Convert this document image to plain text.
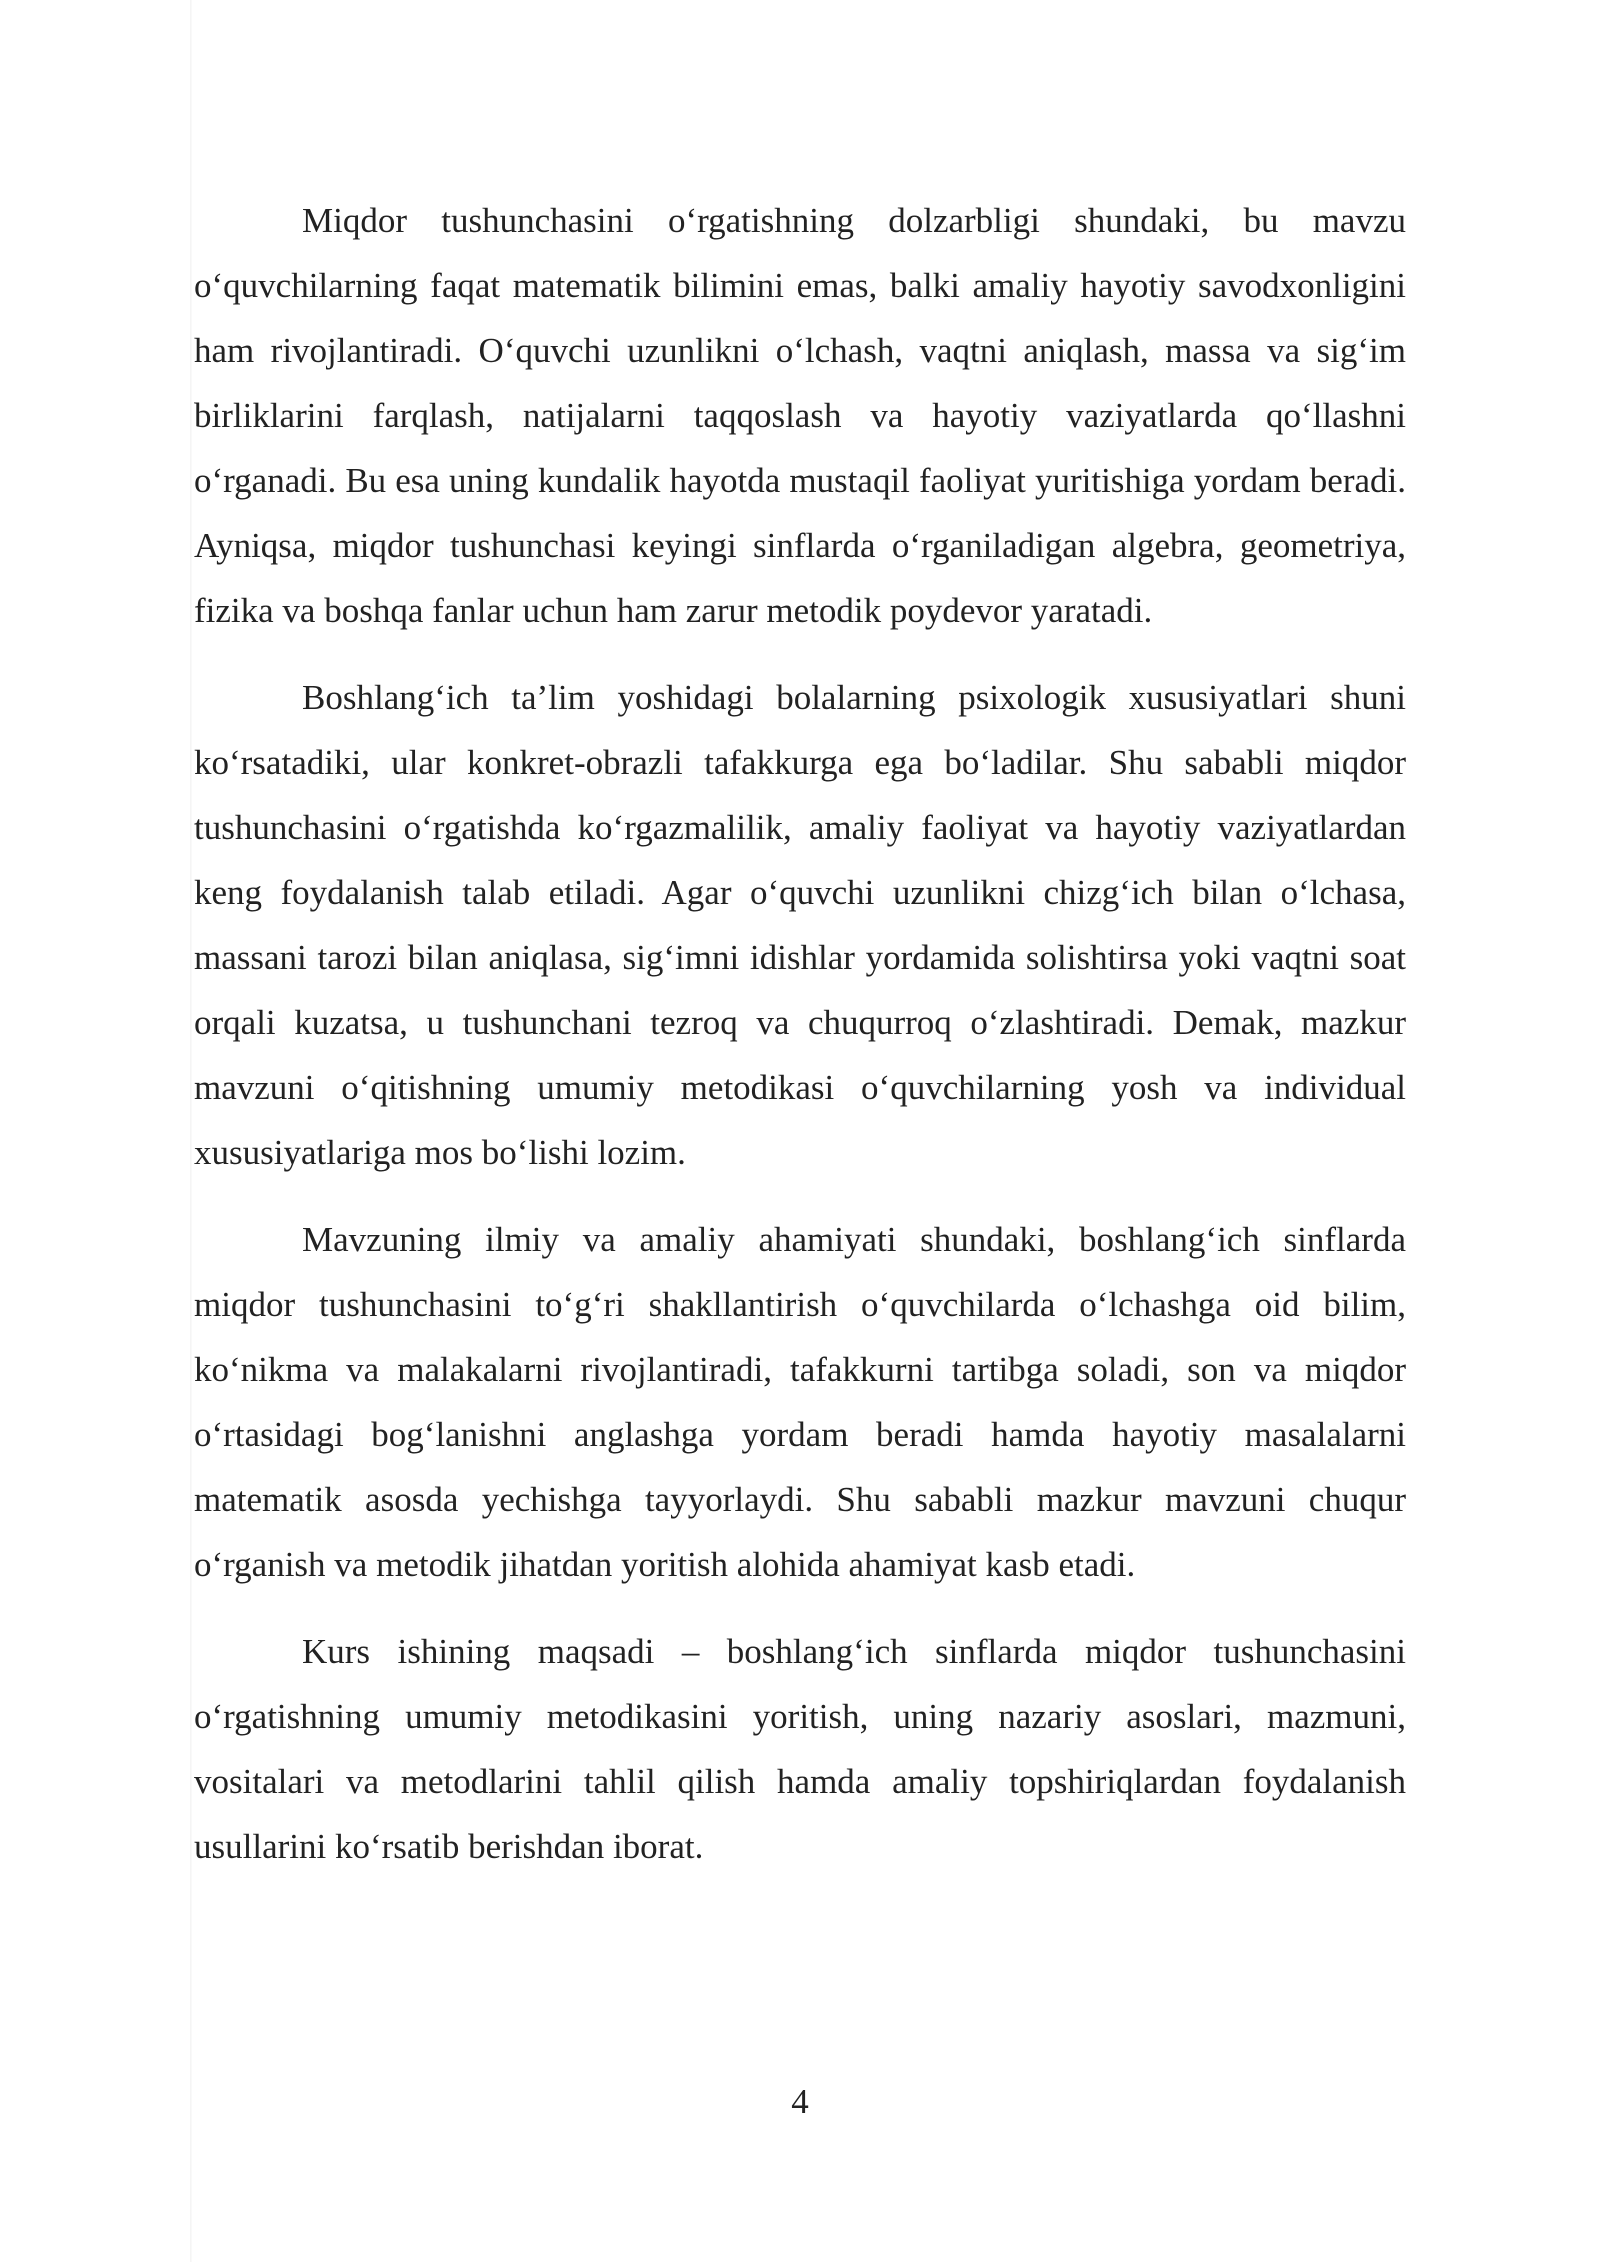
Miqdor tushunchasini o‘rgatishning dolzarbligi shundaki, bu mavzu o‘quvchilarning faqat matematik bilimini emas, balki amaliy hayotiy savodxonligini ham rivojlantiradi. O‘quvchi uzunlikni o‘lchash, vaqtni aniqlash, massa va sig‘im birliklarini farqlash, natijalarni taqqoslash va hayotiy vaziyatlarda qo‘llashni o‘rganadi. Bu esa uning kundalik hayotda mustaqil faoliyat yuritishiga yordam beradi. Ayniqsa, miqdor tushunchasi keyingi sinflarda o‘rganiladigan algebra, geometriya, fizika va boshqa fanlar uchun ham zarur metodik poydevor yaratadi.

Boshlang‘ich ta’lim yoshidagi bolalarning psixologik xususiyatlari shuni ko‘rsatadiki, ular konkret-obrazli tafakkurga ega bo‘ladilar. Shu sababli miqdor tushunchasini o‘rgatishda ko‘rgazmalilik, amaliy faoliyat va hayotiy vaziyatlardan keng foydalanish talab etiladi. Agar o‘quvchi uzunlikni chizg‘ich bilan o‘lchasa, massani tarozi bilan aniqlasa, sig‘imni idishlar yordamida solishtirsa yoki vaqtni soat orqali kuzatsa, u tushunchani tezroq va chuqurroq o‘zlashtiradi. Demak, mazkur mavzuni o‘qitishning umumiy metodikasi o‘quvchilarning yosh va individual xususiyatlariga mos bo‘lishi lozim.

Mavzuning ilmiy va amaliy ahamiyati shundaki, boshlang‘ich sinflarda miqdor tushunchasini to‘g‘ri shakllantirish o‘quvchilarda o‘lchashga oid bilim, ko‘nikma va malakalarni rivojlantiradi, tafakkurni tartibga soladi, son va miqdor o‘rtasidagi bog‘lanishni anglashga yordam beradi hamda hayotiy masalalarni matematik asosda yechishga tayyorlaydi. Shu sababli mazkur mavzuni chuqur o‘rganish va metodik jihatdan yoritish alohida ahamiyat kasb etadi.

Kurs ishining maqsadi – boshlang‘ich sinflarda miqdor tushunchasini o‘rgatishning umumiy metodikasini yoritish, uning nazariy asoslari, mazmuni, vositalari va metodlarini tahlil qilish hamda amaliy topshiriqlardan foydalanish usullarini ko‘rsatib berishdan iborat.

4
